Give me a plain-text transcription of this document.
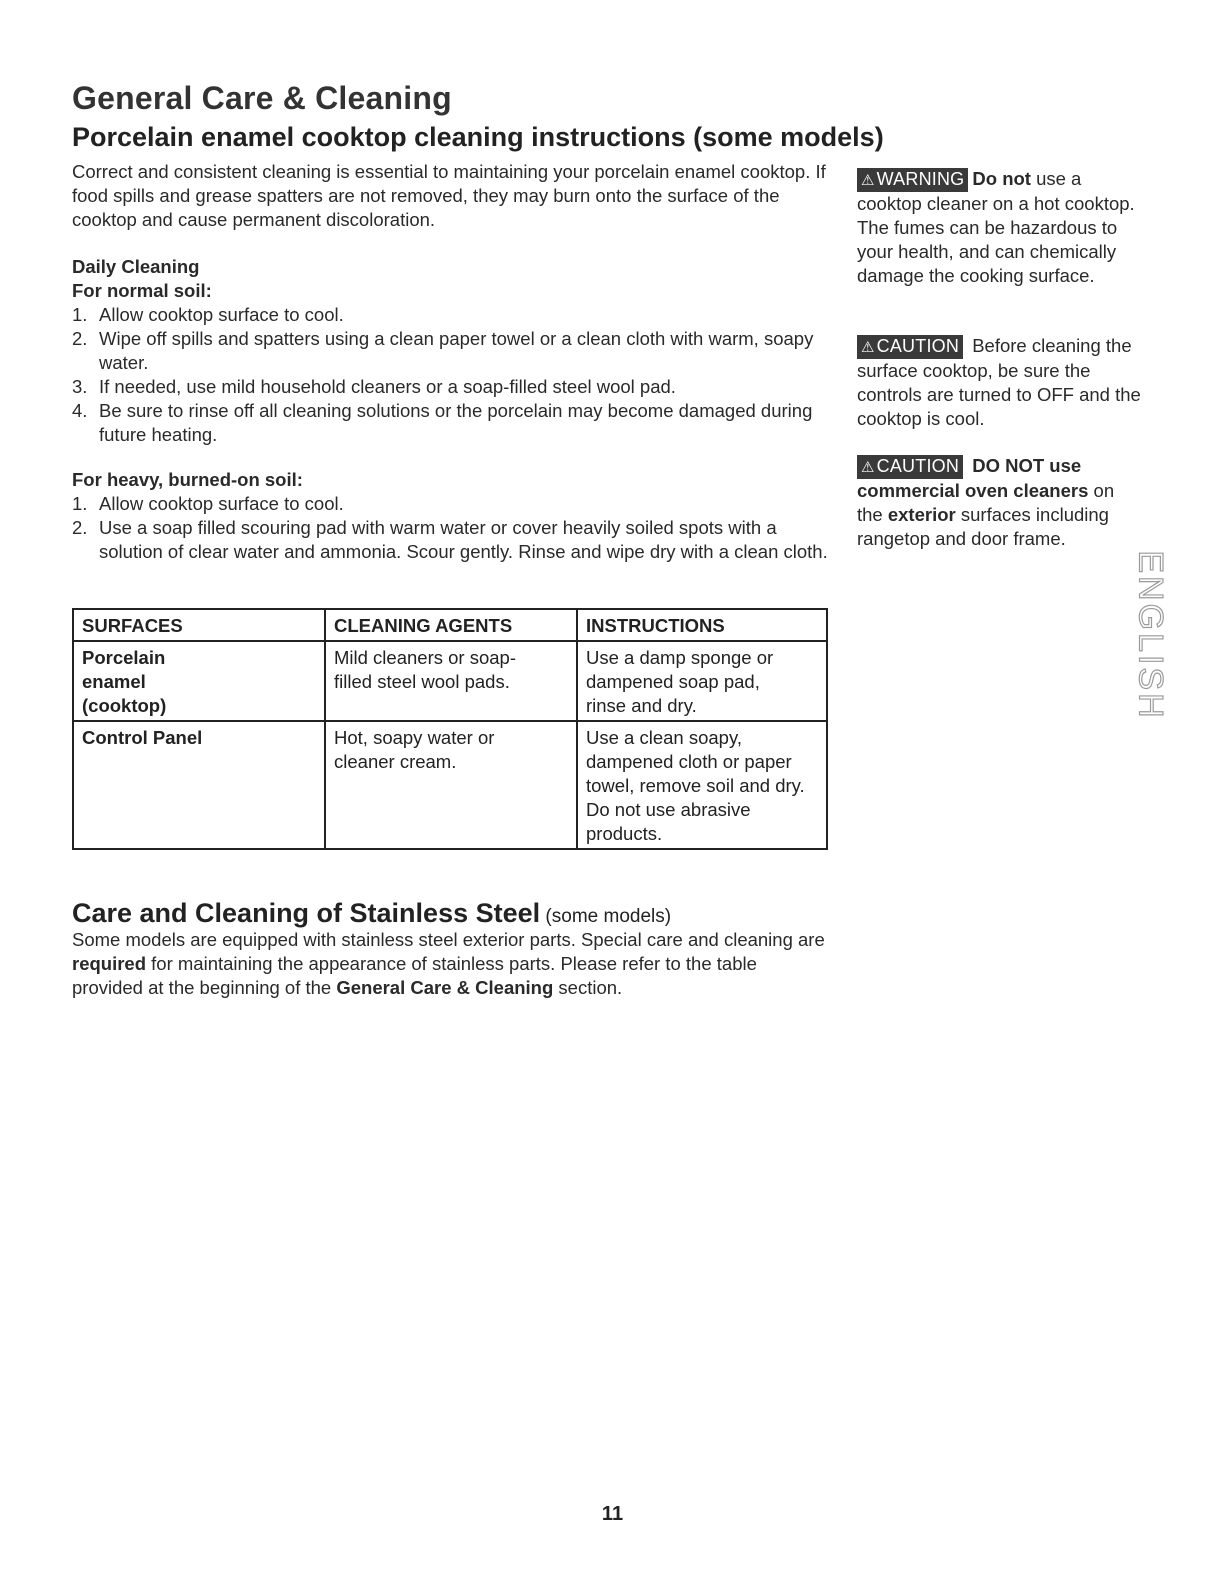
General Care & Cleaning
Porcelain enamel cooktop cleaning instructions (some models)

Correct and consistent cleaning is essential to maintaining your porcelain enamel cooktop. If food spills and grease spatters are not removed, they may burn onto the surface of the cooktop and cause permanent discoloration.

Daily Cleaning

For normal soil:

1. Allow cooktop surface to cool.
2. Wipe off spills and spatters using a clean paper towel or a clean cloth with warm, soapy water.
3. If needed, use mild household cleaners or a soap-filled steel wool pad.
4. Be sure to rinse off all cleaning solutions or the porcelain may become damaged during future heating.

For heavy, burned-on soil:

1. Allow cooktop surface to cool.
2. Use a soap filled scouring pad with warm water or cover heavily soiled spots with a solution of clear water and ammonia. Scour gently. Rinse and wipe dry with a clean cloth.
SURFACES	CLEANING AGENTS	INSTRUCTIONS

Porcelain enamel (cooktop)	Mild cleaners or soap-filled steel wool pads.	Use a damp sponge or dampened soap pad, rinse and dry.

Control Panel	Hot, soapy water or cleaner cream.	Use a clean soapy, dampened cloth or paper towel, remove soil and dry. Do not use abrasive products.

⚠ WARNING Do not use a cooktop cleaner on a hot cooktop. The fumes can be hazardous to your health, and can chemically damage the cooking surface.

⚠ CAUTION Before cleaning the surface cooktop, be sure the controls are turned to OFF and the cooktop is cool.

⚠ CAUTION DO NOT use commercial oven cleaners on the exterior surfaces including rangetop and door frame.

ENGLISH
Care and Cleaning of Stainless Steel (some models)

Some models are equipped with stainless steel exterior parts. Special care and cleaning are required for maintaining the appearance of stainless parts. Please refer to the table provided at the beginning of the General Care & Cleaning section.

11
